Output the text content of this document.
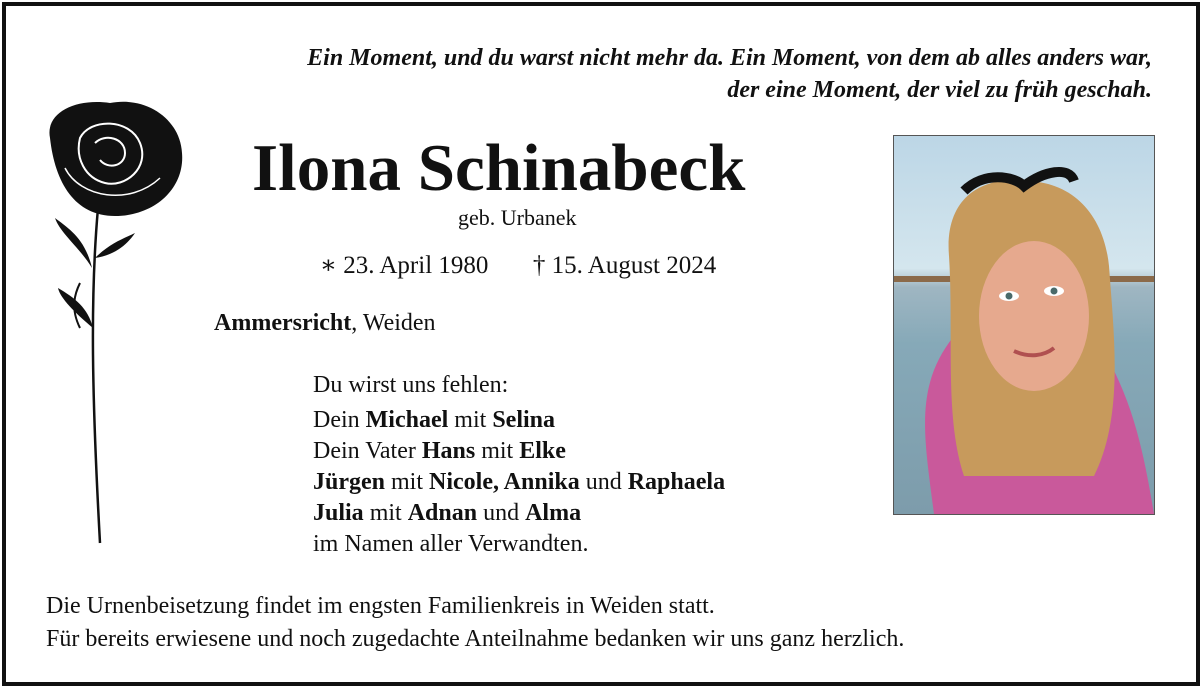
Ein Moment, und du warst nicht mehr da. Ein Moment, von dem ab alles anders war,
der eine Moment, der viel zu früh geschah.
Ilona Schinabeck
geb. Urbanek
∗ 23. April 1980 † 15. August 2024
Ammersricht, Weiden
Du wirst uns fehlen:
Dein Michael mit Selina
Dein Vater Hans mit Elke
Jürgen mit Nicole, Annika und Raphaela
Julia mit Adnan und Alma
im Namen aller Verwandten.
Die Urnenbeisetzung findet im engsten Familienkreis in Weiden statt.
Für bereits erwiesene und noch zugedachte Anteilnahme bedanken wir uns ganz herzlich.
